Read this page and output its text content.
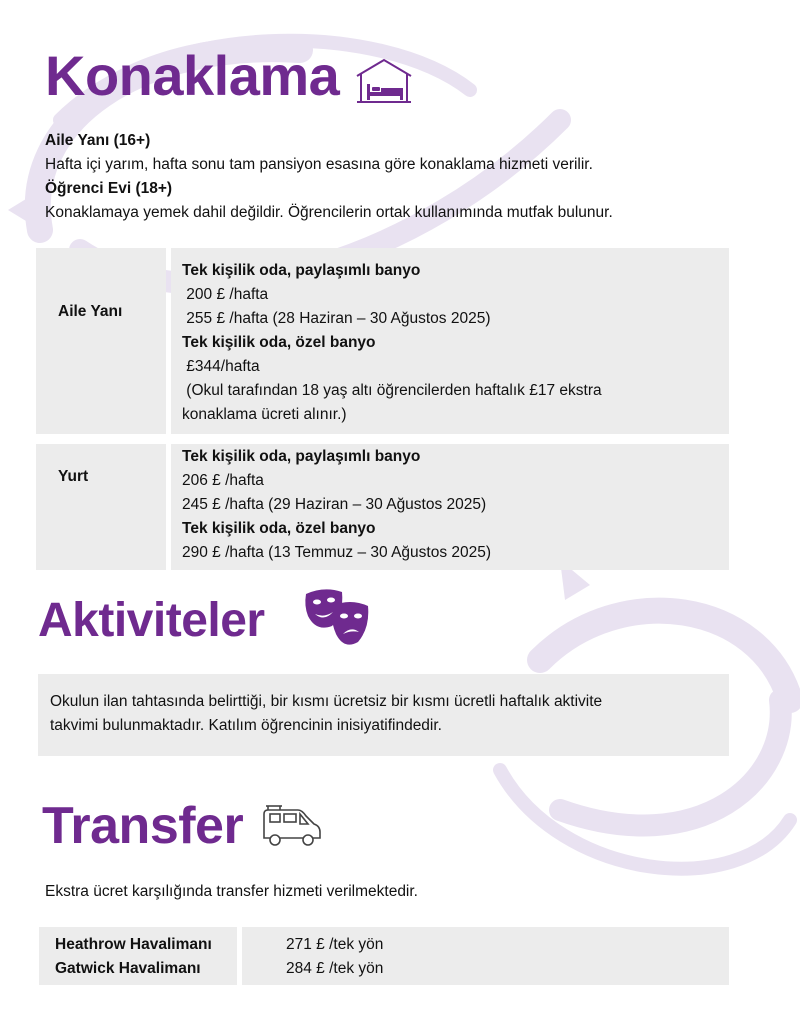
Konaklama
Aile Yanı (16+)
Hafta içi yarım, hafta sonu tam pansiyon esasına göre konaklama hizmeti verilir.
Öğrenci Evi (18+)
Konaklamaya yemek dahil değildir. Öğrencilerin ortak kullanımında mutfak bulunur.
Aile Yanı
Tek kişilik oda, paylaşımlı banyo
200 £ /hafta
255 £ /hafta (28 Haziran – 30 Ağustos 2025)
Tek kişilik oda, özel banyo
£344/hafta
(Okul tarafından 18 yaş altı öğrencilerden haftalık £17 ekstra
konaklama ücreti alınır.)
Yurt
Tek kişilik oda, paylaşımlı banyo
206 £ /hafta
245 £ /hafta (29 Haziran – 30 Ağustos 2025)
Tek kişilik oda, özel banyo
290 £ /hafta (13 Temmuz – 30 Ağustos 2025)
Aktiviteler
Okulun ilan tahtasında belirttiği, bir kısmı ücretsiz bir kısmı ücretli haftalık aktivite
takvimi bulunmaktadır. Katılım öğrencinin inisiyatifindedir.
Transfer
Ekstra ücret karşılığında transfer hizmeti verilmektedir.
Heathrow Havalimanı
Gatwick Havalimanı
271 £ /tek yön
284 £ /tek yön
